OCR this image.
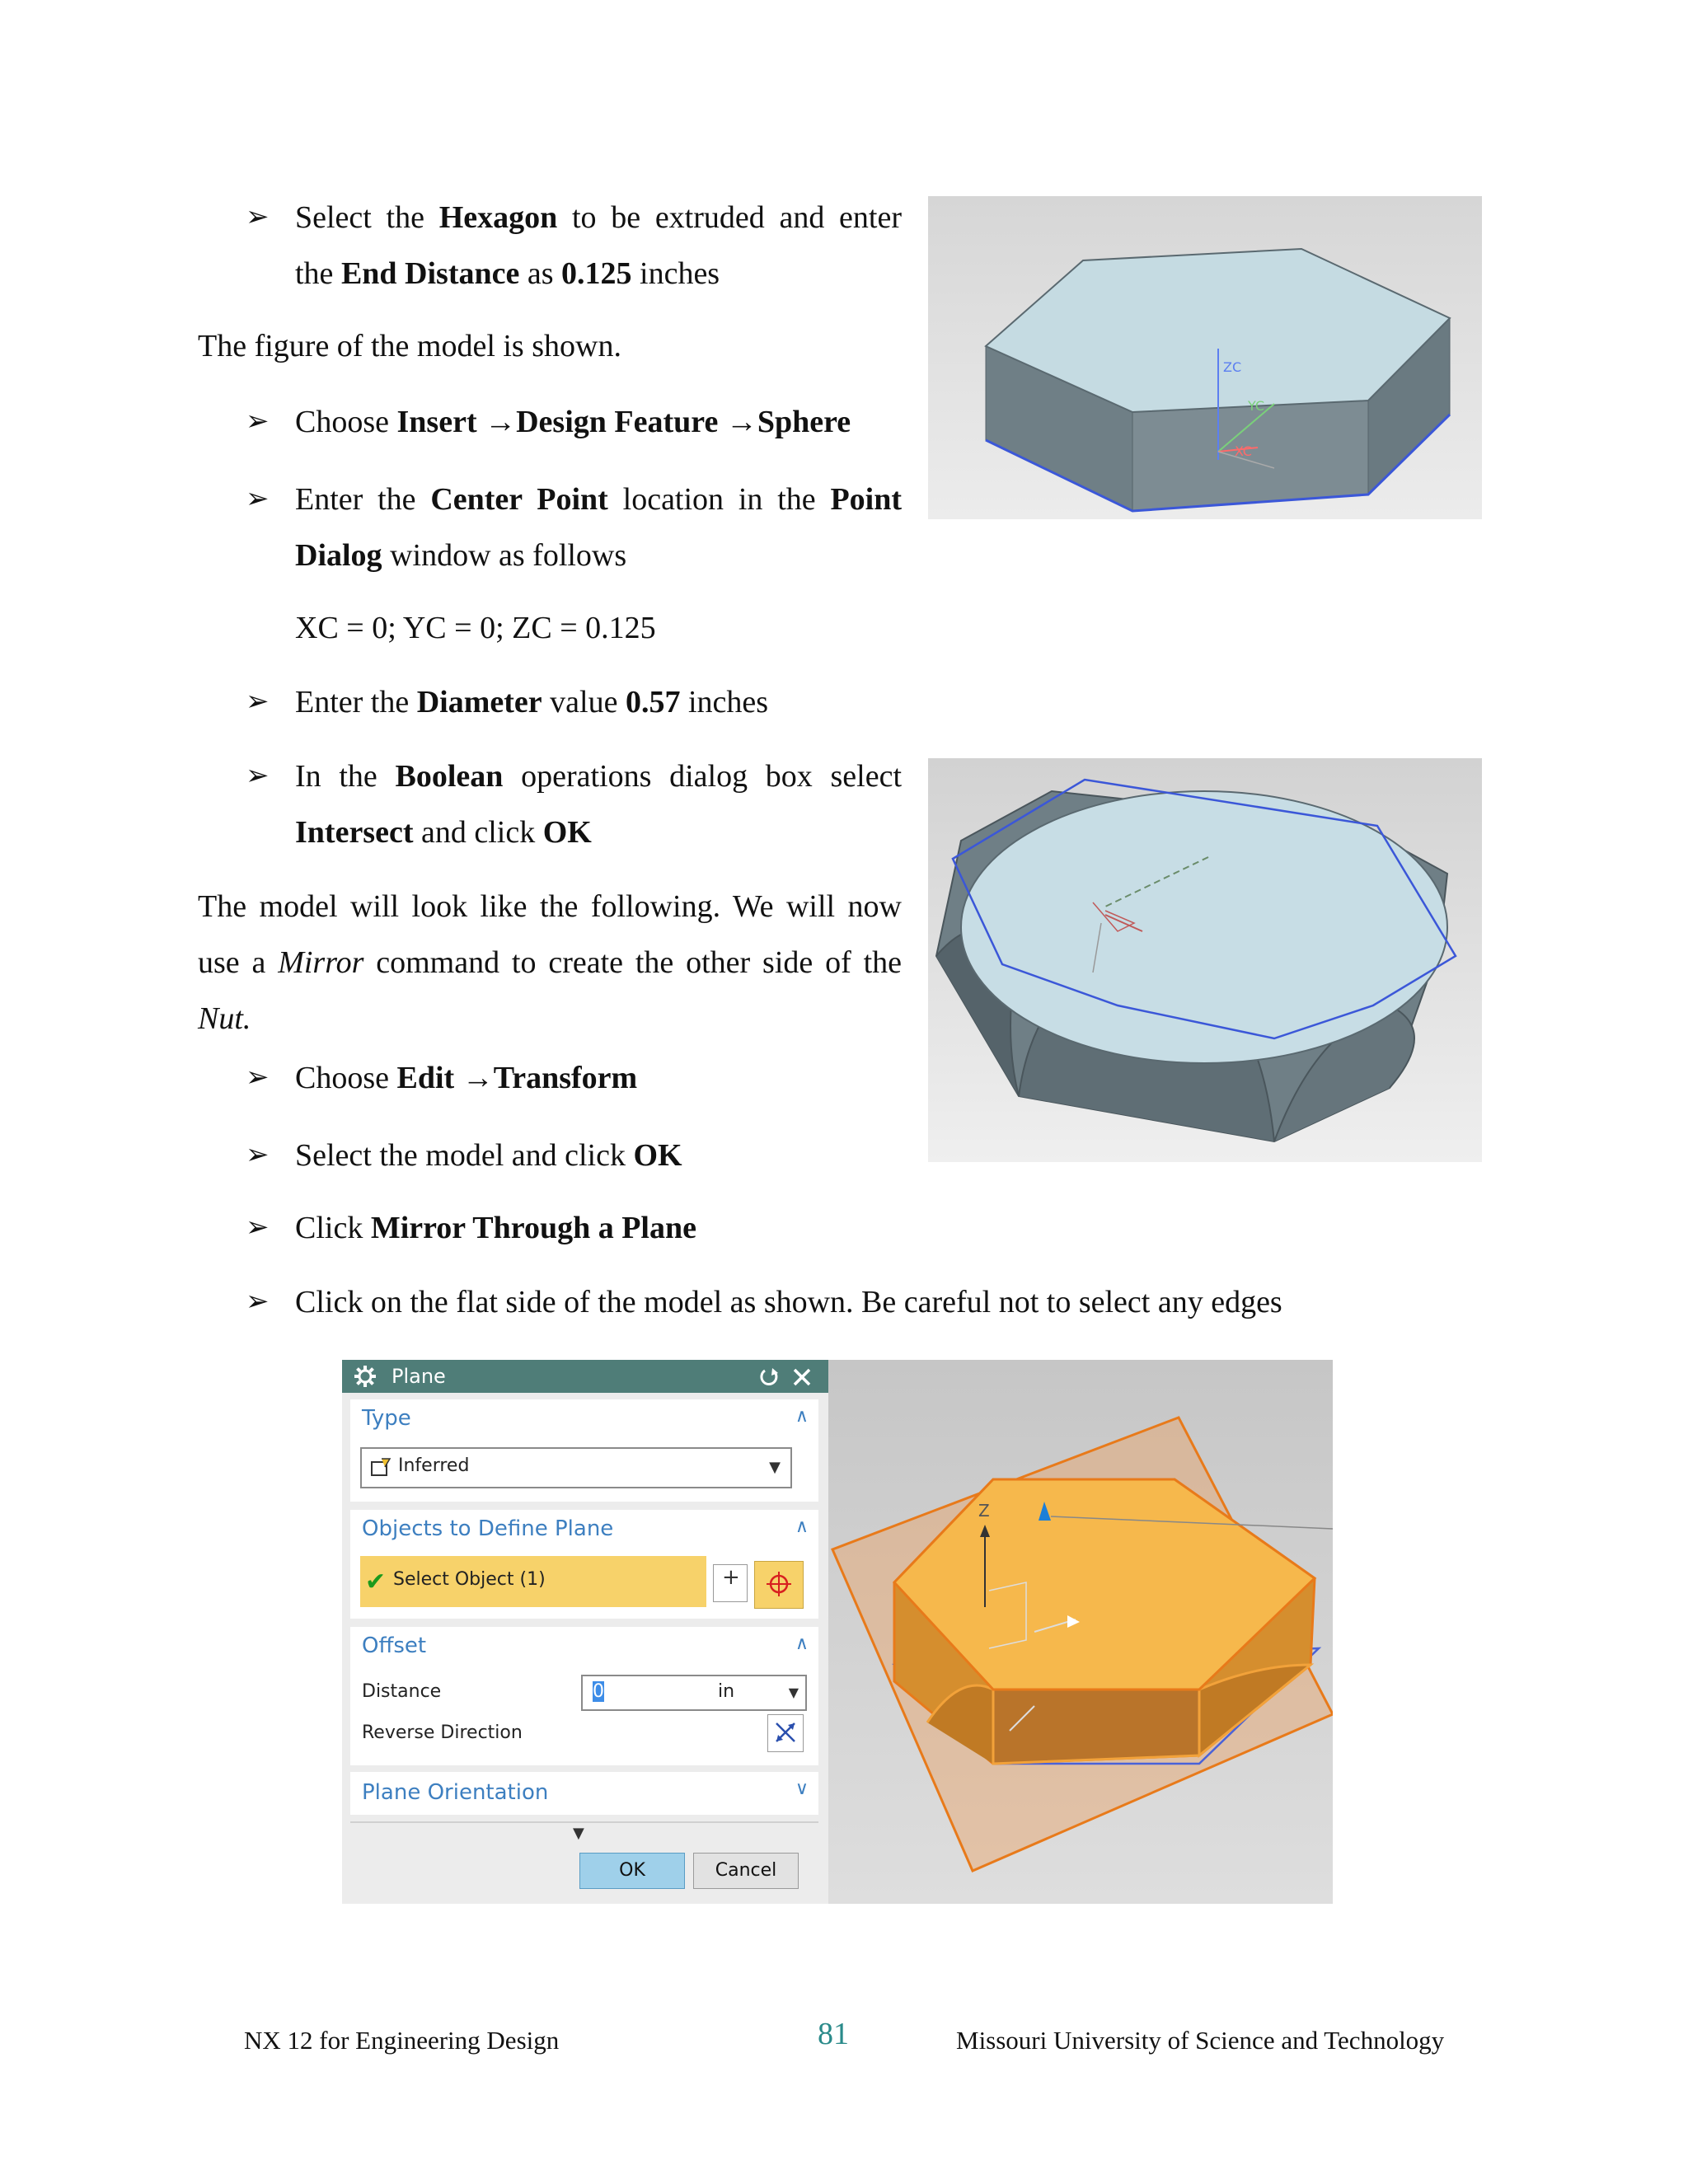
➢ Select the Hexagon to be extruded and enter
the End Distance as 0.125 inches
The figure of the model is shown.
➢ Choose Insert →Design Feature →Sphere
➢ Enter the Center Point location in the Point
Dialog window as follows
XC = 0; YC = 0; ZC = 0.125
➢ Enter the Diameter value 0.57 inches
➢ In the Boolean operations dialog box select
Intersect and click OK
The model will look like the following. We will now
use a Mirror command to create the other side of the
Nut.
➢ Choose Edit →Transform
➢ Select the model and click OK
➢ Click Mirror Through a Plane
➢ Click on the flat side of the model as shown. Be careful not to select any edges
ZC
YC
XC
Z
Plane
Type	∧
Inferred	▼
Objects to Define Plane	∧
✔ Select Object (1)	+
Offset	∧
Distance	0	in	▼
Reverse Direction
Plane Orientation	∨
▼
OK	Cancel
NX 12 for Engineering Design	81	Missouri University of Science and Technology
